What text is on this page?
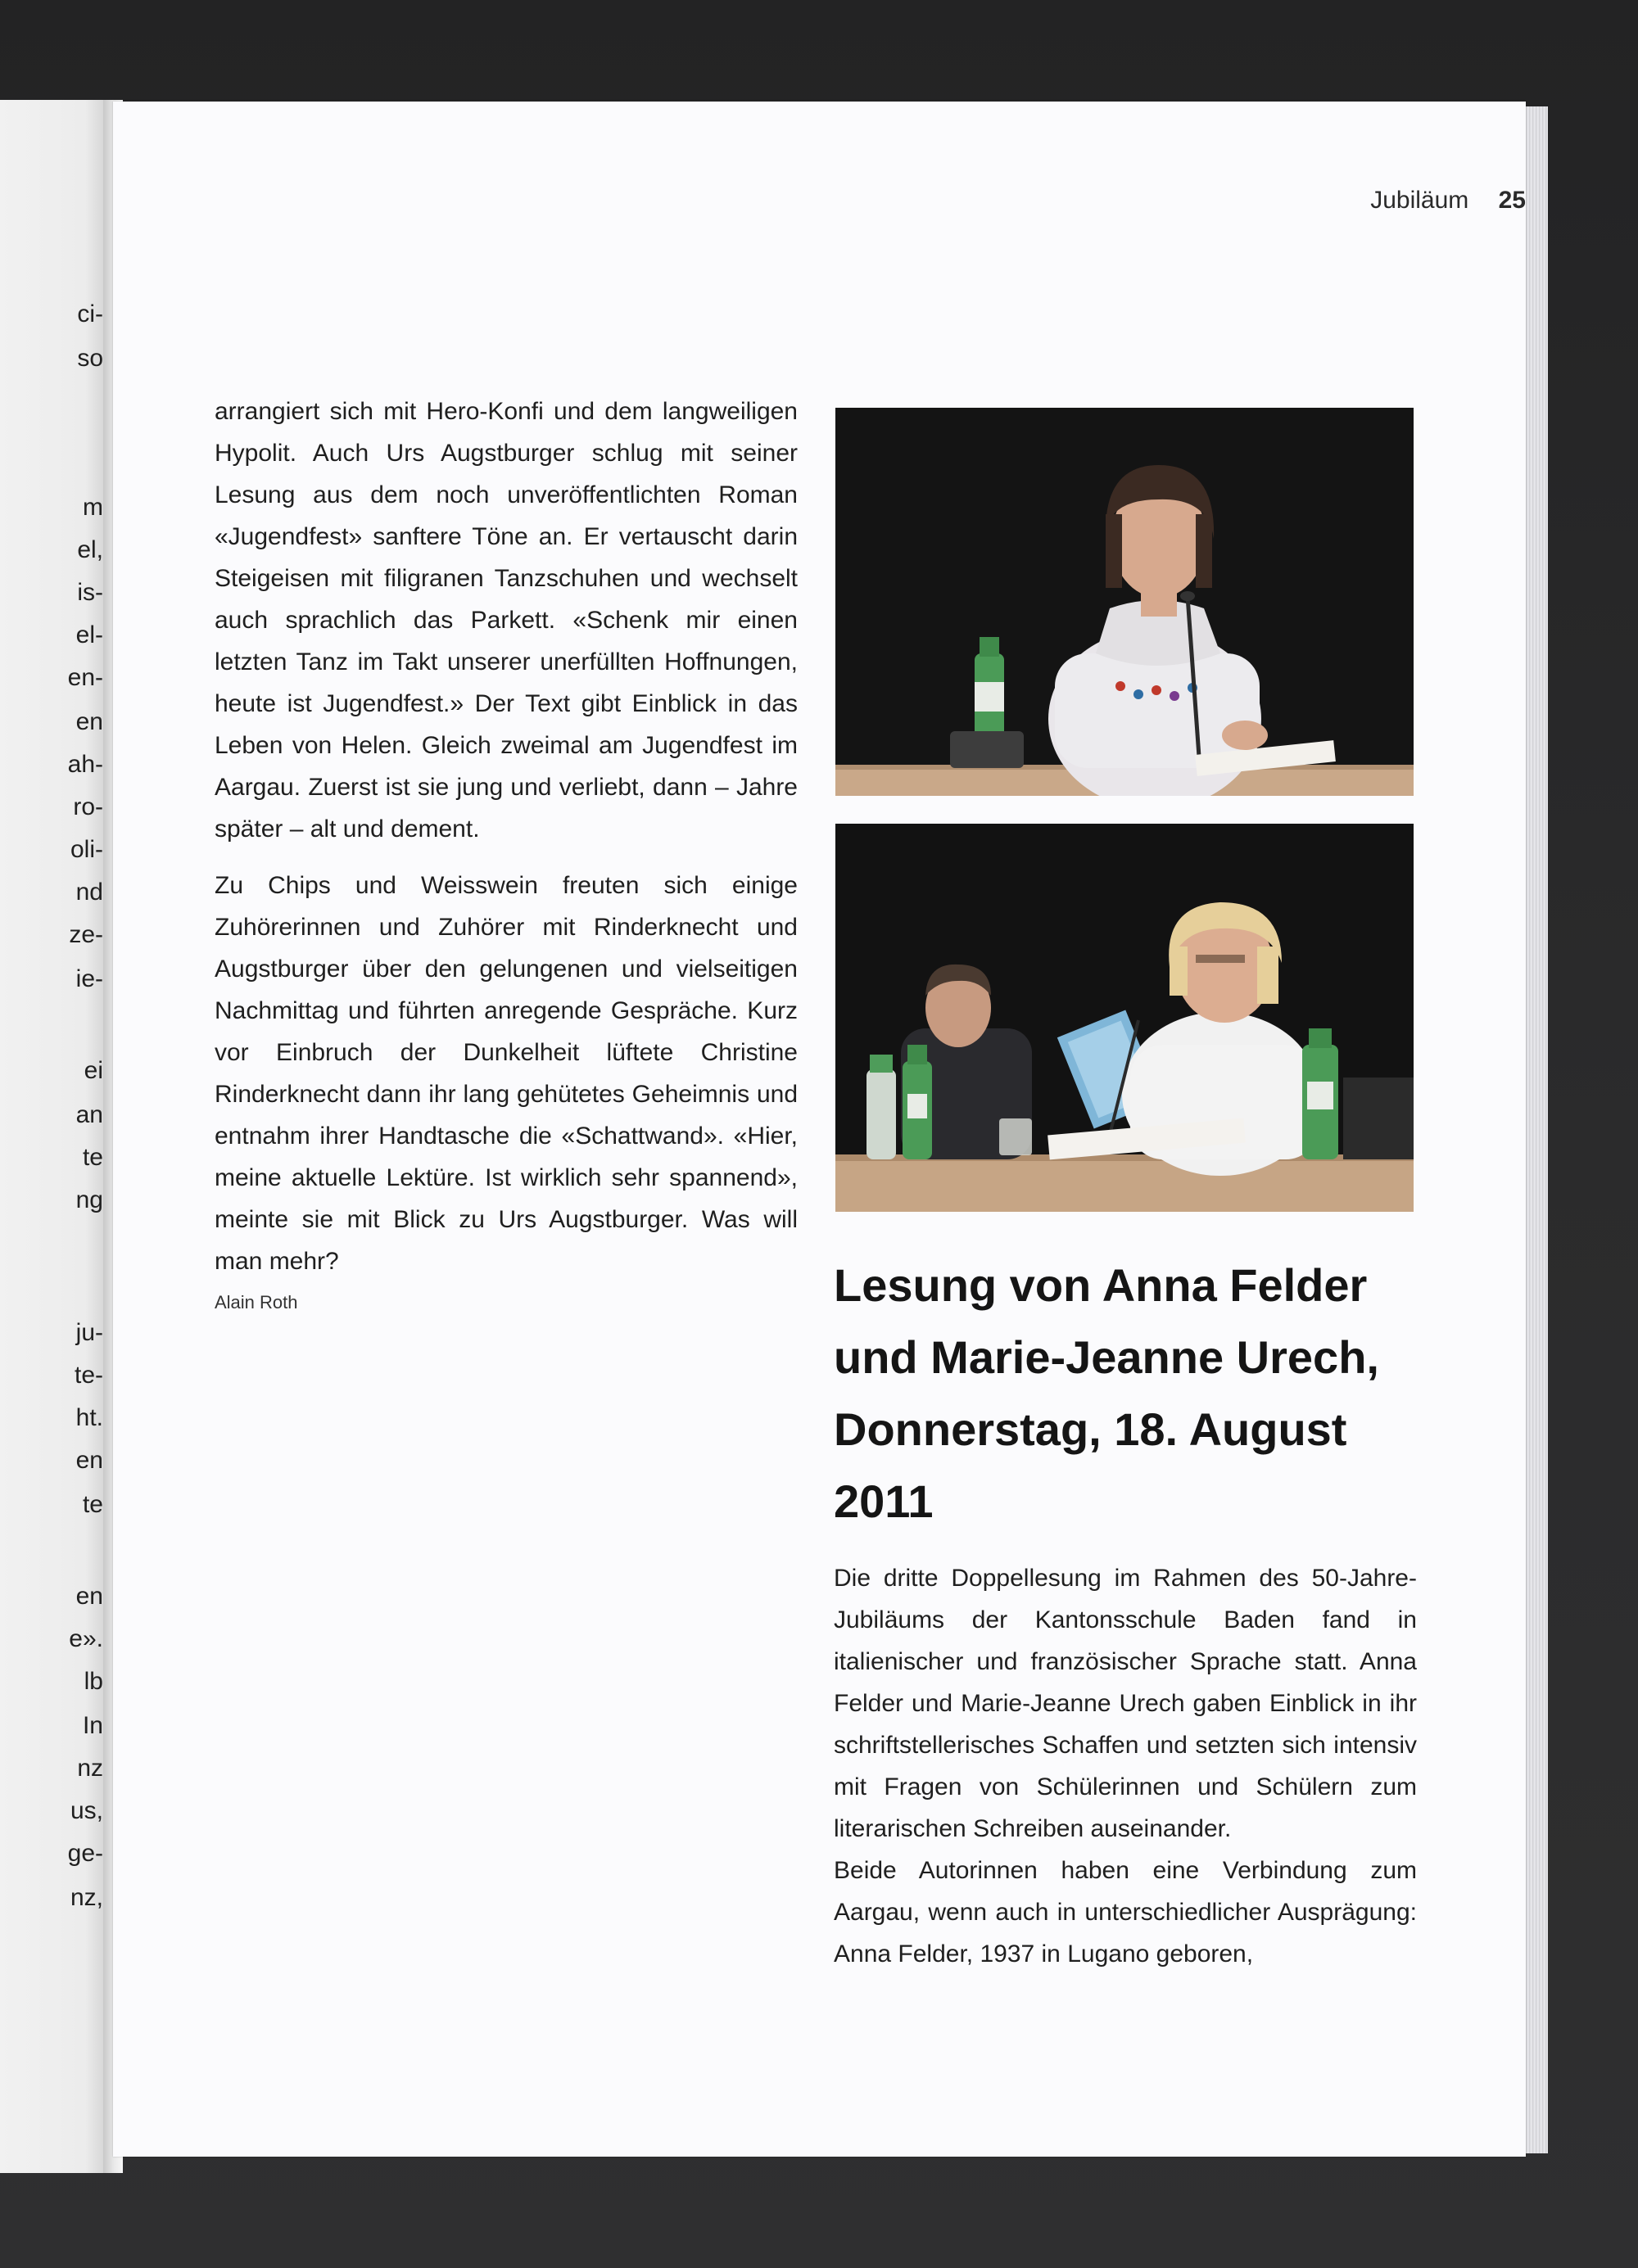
ci-
so
m
el,
is-
el-
en-
en
ah-
ro-
oli-
nd
ze-
ie-
ei
an
te
ng
ju-
te-
ht.
en
te
en
e».
lb
In
nz
us,
ge-
nz,
Jubiläum 25

arrangiert sich mit Hero-Konfi und dem langweiligen Hypolit. Auch Urs Augstburger schlug mit seiner Lesung aus dem noch unveröffentlichten Roman «Jugendfest» sanftere Töne an. Er vertauscht darin Steigeisen mit filigranen Tanzschuhen und wechselt auch sprachlich das Parkett. «Schenk mir einen letzten Tanz im Takt unserer unerfüllten Hoffnungen, heute ist Jugendfest.» Der Text gibt Einblick in das Leben von Helen. Gleich zweimal am Jugendfest im Aargau. Zuerst ist sie jung und verliebt, dann – Jahre später – alt und dement.

Zu Chips und Weisswein freuten sich einige Zuhörerinnen und Zuhörer mit Rinderknecht und Augstburger über den gelungenen und vielseitigen Nachmittag und führten anregende Gespräche. Kurz vor Einbruch der Dunkelheit lüftete Christine Rinderknecht dann ihr lang gehütetes Geheimnis und entnahm ihrer Handtasche die «Schattwand». «Hier, meine aktuelle Lektüre. Ist wirklich sehr spannend», meinte sie mit Blick zu Urs Augstburger. Was will man mehr?

Alain Roth	Lesung von Anna Felder und Marie-Jeanne Urech, Donnerstag, 18. August 2011

Die dritte Doppellesung im Rahmen des 50-Jahre-Jubiläums der Kantonsschule Baden fand in italienischer und französischer Sprache statt. Anna Felder und Marie-Jeanne Urech gaben Einblick in ihr schriftstellerisches Schaffen und setzten sich intensiv mit Fragen von Schülerinnen und Schülern zum literarischen Schreiben auseinander.

Beide Autorinnen haben eine Verbindung zum Aargau, wenn auch in unterschiedlicher Ausprägung: Anna Felder, 1937 in Lugano geboren,
